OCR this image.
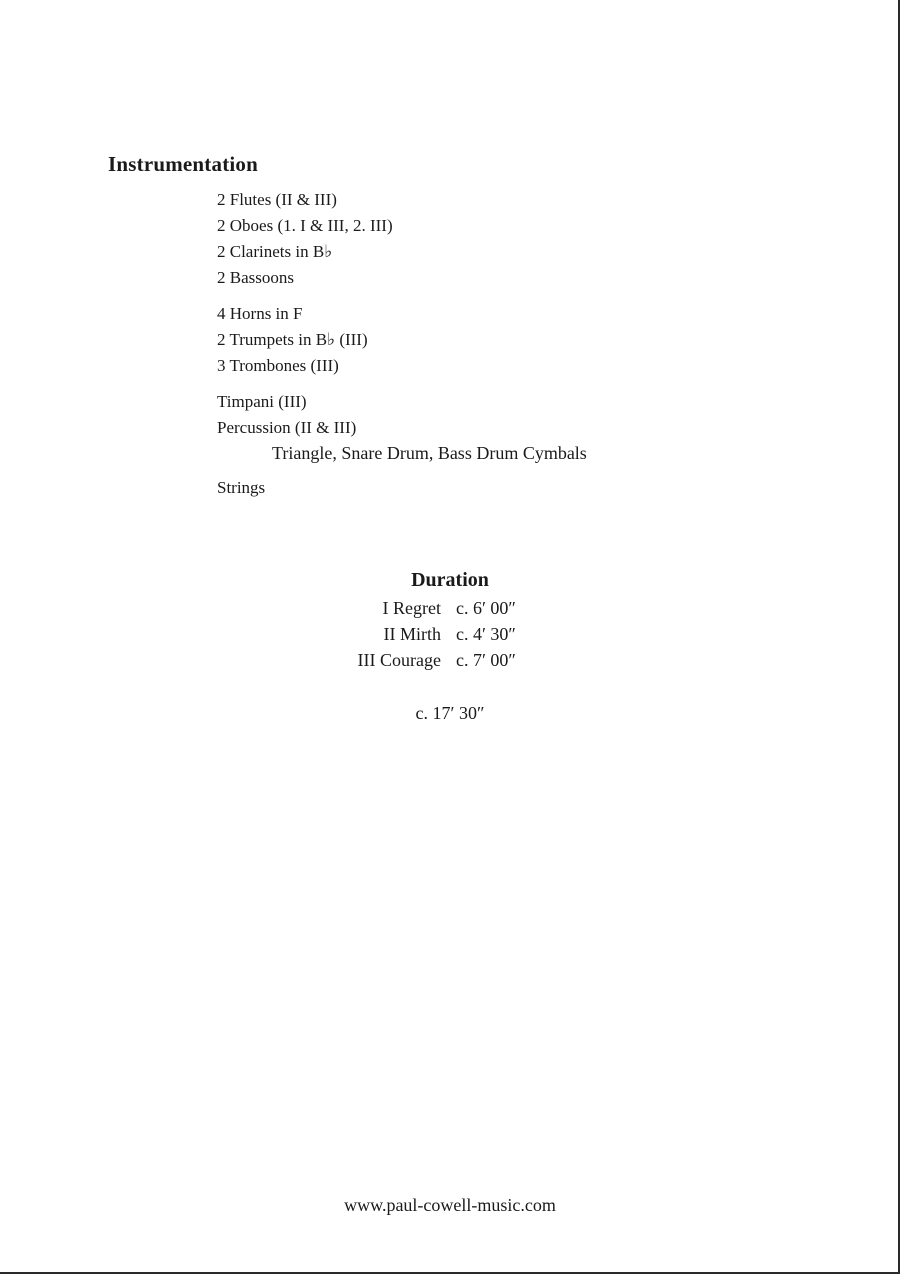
Instrumentation
2 Flutes (II & III)
2 Oboes (1. I & III, 2. III)
2 Clarinets in B♭
2 Bassoons
4 Horns in F
2 Trumpets in B♭ (III)
3 Trombones (III)
Timpani (III)
Percussion (II & III)
Triangle, Snare Drum, Bass Drum Cymbals
Strings
Duration
I Regret c. 6′ 00″
II Mirth c. 4′ 30″
III Courage c. 7′ 00″
c. 17′ 30″
www.paul-cowell-music.com
